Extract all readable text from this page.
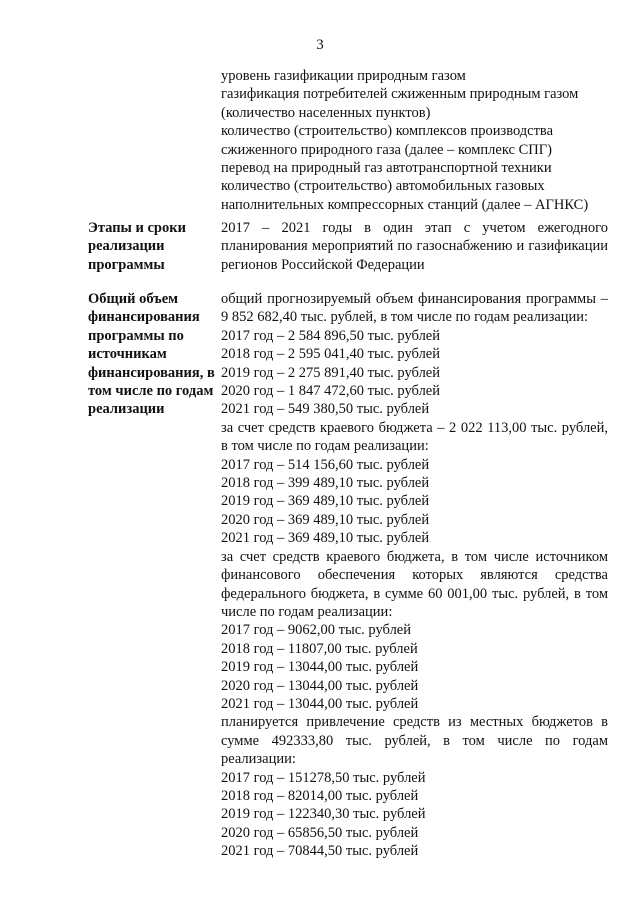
3
уровень газификации природным газом
газификация потребителей сжиженным природным газом
(количество населенных пунктов)
количество (строительство) комплексов производства
сжиженного природного газа (далее – комплекс СПГ)
перевод на природный газ автотранспортной техники
количество (строительство) автомобильных газовых
наполнительных компрессорных станций (далее – АГНКС)
Этапы и сроки реализации программы

2017 – 2021 годы в один этап с учетом ежегодного планирования мероприятий по газоснабжению и газификации регионов Российской Федерации

Общий объем финансирования программы по источникам финансирования, в том числе по годам реализации

общий прогнозируемый объем финансирования программы – 9 852 682,40 тыс. рублей, в том числе по годам реализации:

2017 год – 2 584 896,50 тыс. рублей
2018 год – 2 595 041,40 тыс. рублей
2019 год – 2 275 891,40 тыс. рублей
2020 год – 1 847 472,60 тыс. рублей
2021 год – 549 380,50 тыс. рублей

за счет средств краевого бюджета – 2 022 113,00 тыс. рублей, в том числе по годам реализации:

2017 год – 514 156,60 тыс. рублей
2018 год – 399 489,10 тыс. рублей
2019 год – 369 489,10 тыс. рублей
2020 год – 369 489,10 тыс. рублей
2021 год – 369 489,10 тыс. рублей

за счет средств краевого бюджета, в том числе источником финансового обеспечения которых являются средства федерального бюджета, в сумме 60 001,00 тыс. рублей, в том числе по годам реализации:

2017 год – 9062,00 тыс. рублей
2018 год – 11807,00 тыс. рублей
2019 год – 13044,00 тыс. рублей
2020 год – 13044,00 тыс. рублей
2021 год – 13044,00 тыс. рублей

планируется привлечение средств из местных бюджетов в сумме 492333,80 тыс. рублей, в том числе по годам реализации:

2017 год – 151278,50 тыс. рублей
2018 год – 82014,00 тыс. рублей
2019 год – 122340,30 тыс. рублей
2020 год – 65856,50 тыс. рублей
2021 год – 70844,50 тыс. рублей
